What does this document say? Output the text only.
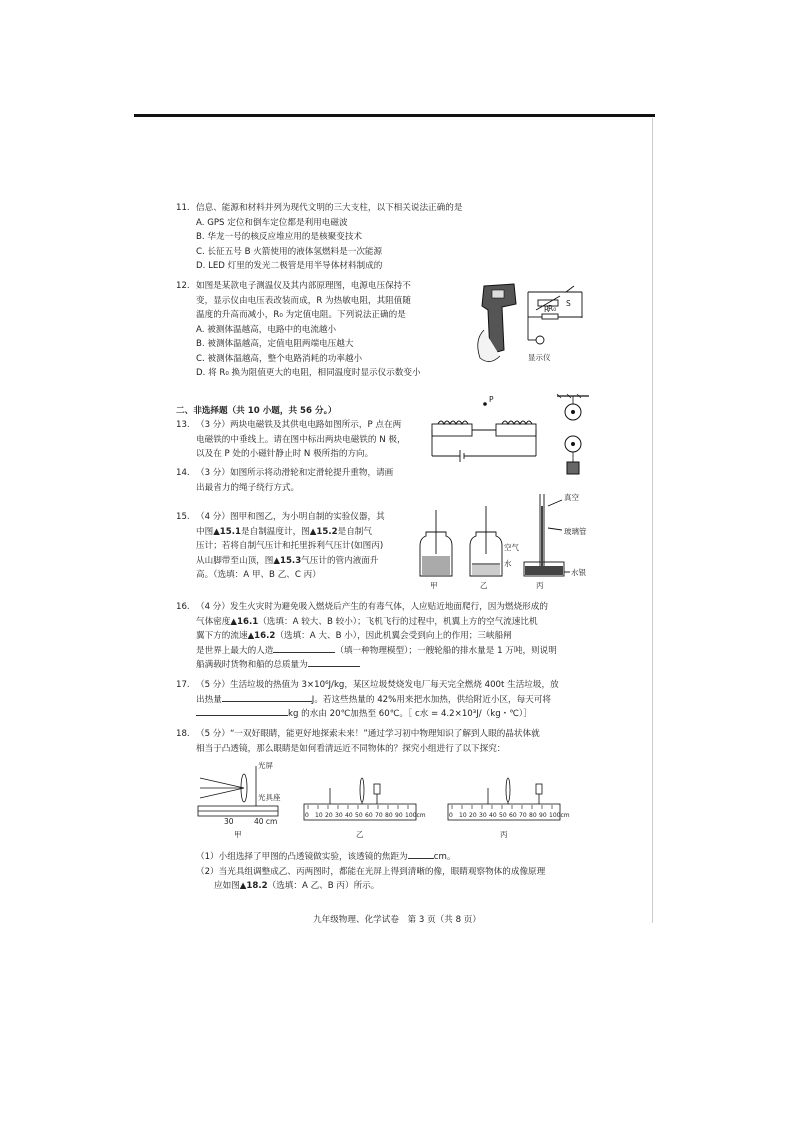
11. 信息、能源和材料并列为现代文明的三大支柱，以下相关说法正确的是
A. GPS 定位和倒车定位都是利用电磁波
B. 华龙一号的核反应堆应用的是核聚变技术
C. 长征五号 B 火箭使用的液体氢燃料是一次能源
D. LED 灯里的发光二极管是用半导体材料制成的
12. 如图是某款电子测温仪及其内部原理图，电源电压保持不
变，显示仪由电压表改装而成，R 为热敏电阻，其阻值随
温度的升高而减小，R₀ 为定值电阻。下列说法正确的是
A. 被测体温越高，电路中的电流越小
B. 被测体温越高，定值电阻两端电压越大
C. 被测体温越高，整个电路消耗的功率越小
D. 将 R₀ 换为阻值更大的电阻，相同温度时显示仪示数变小
R
S
R₀
显示仪
二、非选择题（共 10 小题，共 56 分。）
13. （3 分）两块电磁铁及其供电电路如图所示，P 点在两
电磁铁的中垂线上。请在图中标出两块电磁铁的 N 极，
以及在 P 处的小磁针静止时 N 极所指的方向。
P
14. （3 分）如图所示将动滑轮和定滑轮提升重物，请画
出最省力的绳子绕行方式。
15. （4 分）图甲和图乙，为小明自制的实验仪器，其
中图▲15.1是自制温度计，图▲15.2是自制气
压计；若将自制气压计和托里拆利气压计(如图丙)
从山脚带至山顶，图▲15.3气压计的管内液面升
高。（选填：A 甲、B 乙、C 丙）
空气
水
真空
玻璃管
水银
甲	乙	丙
16. （4 分）发生火灾时为避免吸入燃烧后产生的有毒气体，人应贴近地面爬行，因为燃烧形成的
气体密度▲16.1（选填：A 较大、B 较小）；飞机飞行的过程中，机翼上方的空气流速比机
翼下方的流速▲16.2（选填：A 大、B 小），因此机翼会受到向上的作用；三峡船闸
是世界上最大的人造	（填一种物理模型）；一艘轮船的排水量是 1 万吨，则说明
船满载时货物和船的总质量为
17. （5 分）生活垃圾的热值为 3×10⁶J/kg，某区垃圾焚烧发电厂每天完全燃烧 400t 生活垃圾，放
出热量	J。若这些热量的 42%用来把水加热，供给附近小区，每天可将
kg 的水由 20℃加热至 60℃。［ c水 = 4.2×10³J/（kg・℃）］
18. （5 分）“一双好眼睛，能更好地探索未来！”通过学习初中物理知识了解到人眼的晶状体就
相当于凸透镜，那么眼睛是如何看清远近不同物体的？探究小组进行了以下探究：
光屏
光具座
30	40 cm
甲
0 10 20 30 40 50 60 70 80 90 100cm
乙
0 10 20 30 40 50 60 70 80 90 100cm
丙
（1）小组选择了甲图的凸透镜做实验，该透镜的焦距为	cm。
（2）当光具组调整成乙、丙两图时，都能在光屏上得到清晰的像，眼睛观察物体的成像原理
应如图▲18.2（选填：A 乙、B 丙）所示。
九年级物理、化学试卷　第 3 页（共 8 页）
